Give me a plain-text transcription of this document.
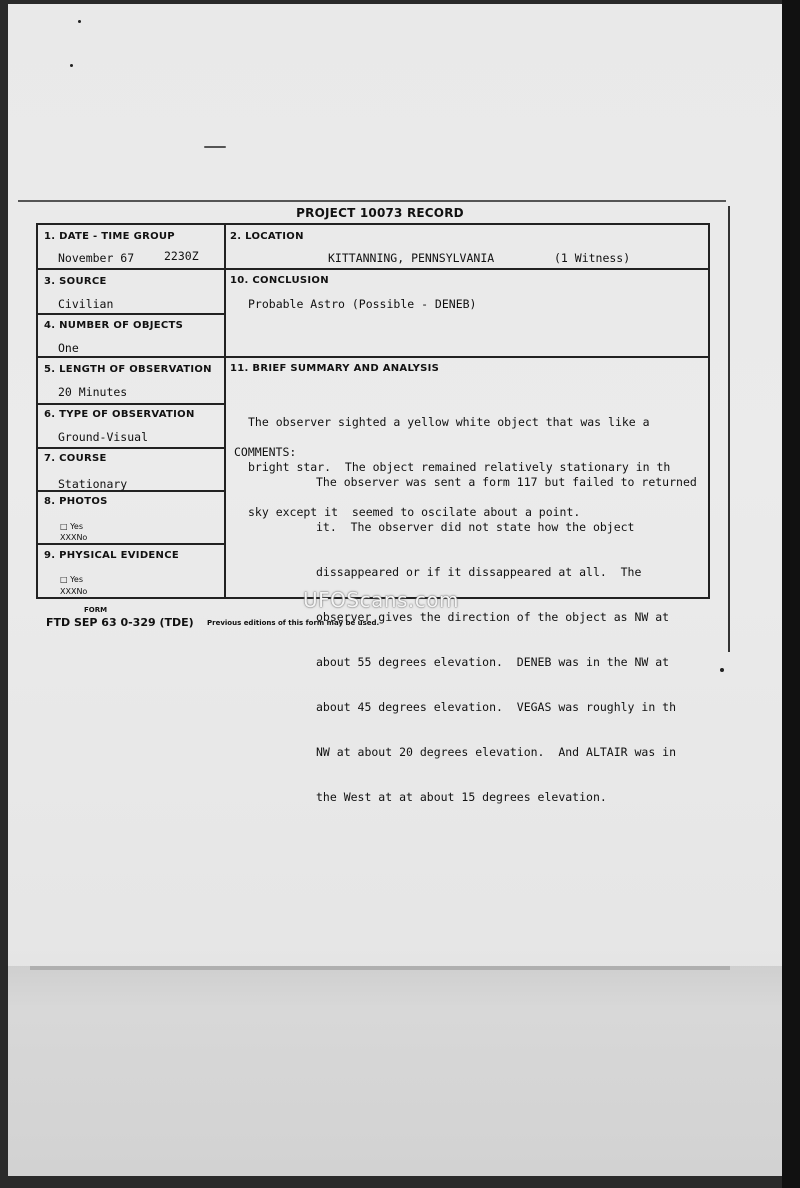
PROJECT 10073 RECORD
1. DATE - TIME GROUP
November 67	2230Z
2. LOCATION
KITTANNING, PENNSYLVANIA	(1 Witness)
3. SOURCE
Civilian
10. CONCLUSION
Probable Astro (Possible - DENEB)
4. NUMBER OF OBJECTS
One
5. LENGTH OF OBSERVATION
20 Minutes
11. BRIEF SUMMARY AND ANALYSIS

The observer sighted a yellow white object that was like a

bright star.  The object remained relatively stationary in th

sky except it  seemed to oscilate about a point.

COMMENTS:

The observer was sent a form 117 but failed to returned

it.  The observer did not state how the object

dissappeared or if it dissappeared at all.  The

observer gives the direction of the object as NW at

about 55 degrees elevation.  DENEB was in the NW at

about 45 degrees elevation.  VEGAS was roughly in th

NW at about 20 degrees elevation.  And ALTAIR was in

the West at at about 15 degrees elevation.

6. TYPE OF OBSERVATION
Ground-Visual
7. COURSE
Stationary
8. PHOTOS
□ Yes
XXXNo
9. PHYSICAL EVIDENCE
□ Yes
XXXNo	UFOScans.com
FORM
FTD SEP 63 0-329 (TDE) Previous editions of this form may be used.
